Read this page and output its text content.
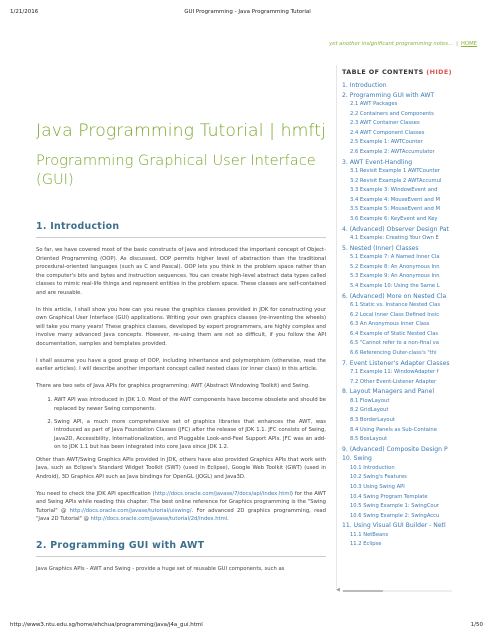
1/21/2016	GUI Programming - Java Programming Tutorial
yet another insignificant programming notes... | HOME
Java Programming Tutorial | hmftj
Programming Graphical User Interface (GUI)
1. Introduction

So far, we have covered most of the basic constructs of Java and introduced the important concept of Object-Oriented Programming (OOP). As discussed, OOP permits higher level of abstraction than the traditional procedural-oriented languages (such as C and Pascal). OOP lets you think in the problem space rather than the computer's bits and bytes and instruction sequences. You can create high-level abstract data types called classes to mimic real-life things and represent entities in the problem space. These classes are self-contained and are reusable.

In this article, I shall show you how can you reuse the graphics classes provided in JDK for constructing your own Graphical User Interface (GUI) applications. Writing your own graphics classes (re-inventing the wheels) will take you many years! These graphics classes, developed by expert programmers, are highly complex and involve many advanced Java concepts. However, re-using them are not so difficult, if you follow the API documentation, samples and templates provided.

I shall assume you have a good grasp of OOP, including inheritance and polymorphism (otherwise, read the earlier articles). I will describe another important concept called nested class (or inner class) in this article.

There are two sets of Java APIs for graphics programming: AWT (Abstract Windowing Toolkit) and Swing.

1. AWT API was introduced in JDK 1.0. Most of the AWT components have become obsolete and should be replaced by newer Swing components.
2. Swing API, a much more comprehensive set of graphics libraries that enhances the AWT, was introduced as part of Java Foundation Classes (JFC) after the release of JDK 1.1. JFC consists of Swing, Java2D, Accessibility, Internationalization, and Pluggable Look-and-Feel Support APIs. JFC was an add-on to JDK 1.1 but has been integrated into core Java since JDK 1.2.

Other than AWT/Swing Graphics APIs provided in JDK, others have also provided Graphics APIs that work with Java, such as Eclipse's Standard Widget Toolkit (SWT) (used in Eclipse), Google Web Toolkit (GWT) (used in Android), 3D Graphics API such as Java bindings for OpenGL (JOGL) and Java3D.

You need to check the JDK API specification (http://docs.oracle.com/javase/7/docs/api/index.html) for the AWT and Swing APIs while reading this chapter. The best online reference for Graphics programming is the "Swing Tutorial" @ http://docs.oracle.com/javase/tutorial/uiswing/. For advanced 2D graphics programming, read "Java 2D Tutorial" @ http://docs.oracle.com/javase/tutorial/2d/index.html.

2. Programming GUI with AWT

Java Graphics APIs - AWT and Swing - provide a huge set of reusable GUI components, such as

TABLE OF CONTENTS (HIDE)
1. Introduction
2. Programming GUI with AWT
2.1 AWT Packages
2.2 Containers and Components
2.3 AWT Container Classes
2.4 AWT Component Classes
2.5 Example 1: AWTCounter
2.6 Example 2: AWTAccumulator
3. AWT Event-Handling
3.1 Revisit Example 1 AWTCounter
3.2 Revisit Example 2 AWTAccumul
3.3 Example 3: WindowEvent and
3.4 Example 4: MouseEvent and M
3.5 Example 5: MouseEvent and M
3.6 Example 6: KeyEvent and Key
4. (Advanced) Observer Design Pat
4.1 Example: Creating Your Own E
5. Nested (Inner) Classes
5.1 Example 7: A Named Inner Cla
5.2 Example 8: An Anonymous Inn
5.3 Example 9: An Anonymous Inn
5.4 Example 10: Using the Same L
6. (Advanced) More on Nested Cla
6.1 Static vs. Instance Nested Clas
6.2 Local Inner Class Defined Insic
6.3 An Anonymous Inner Class
6.4 Example of Static Nested Clas
6.5 "Cannot refer to a non-final va
6.6 Referencing Outer-class's "thi
7. Event Listener's Adapter Classes
7.1 Example 11: WindowAdapter f
7.2 Other Event-Listener Adapter
8. Layout Managers and Panel
8.1 FlowLayout
8.2 GridLayout
8.3 BorderLayout
8.4 Using Panels as Sub-Containe
8.5 BoxLayout
9. (Advanced) Composite Design P
10. Swing
10.1 Introduction
10.2 Swing's Features
10.3 Using Swing API
10.4 Swing Program Template
10.5 Swing Example 1: SwingCour
10.6 Swing Example 2: SwingAccu
11. Using Visual GUI Builder - Netl
11.1 NetBeans
11.2 Eclipse
◀
http://www3.ntu.edu.sg/home/ehchua/programming/java/j4a_gui.html	1/50
